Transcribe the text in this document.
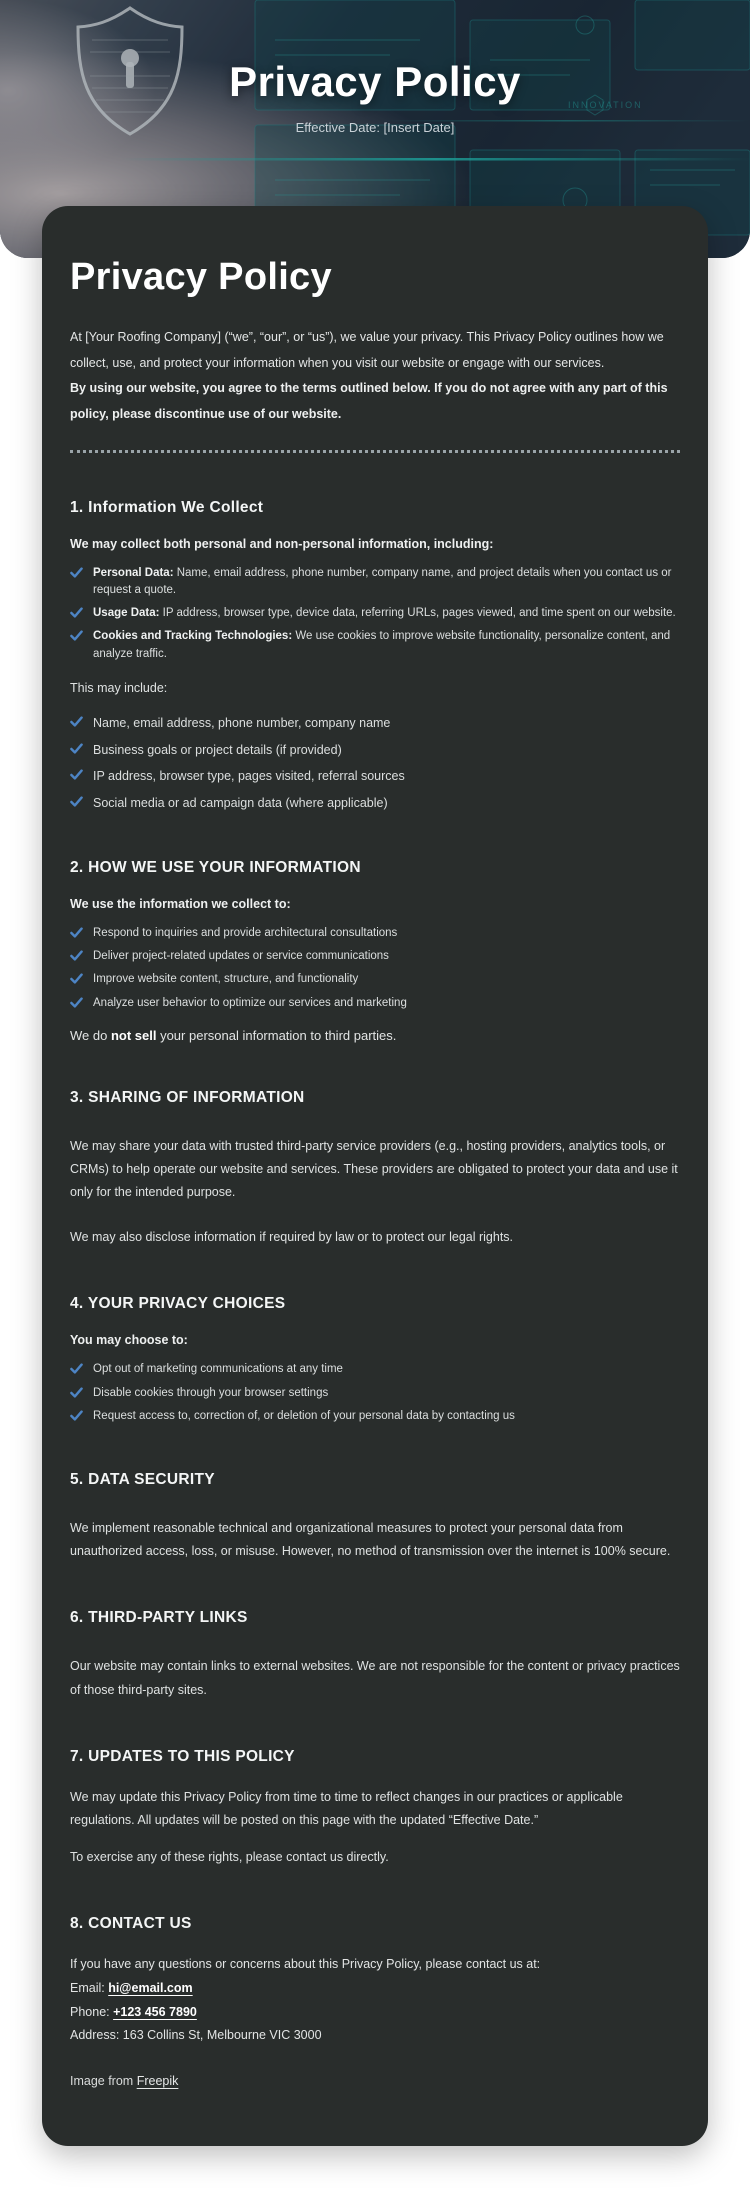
INNOVATION
Privacy Policy
Effective Date: [Insert Date]
Privacy Policy

At [Your Roofing Company] (“we”, “our”, or “us”), we value your privacy. This Privacy Policy outlines how we collect, use, and protect your information when you visit our website or engage with our services.

By using our website, you agree to the terms outlined below. If you do not agree with any part of this policy, please discontinue use of our website.

1. Information We Collect

We may collect both personal and non-personal information, including:

Personal Data: Name, email address, phone number, company name, and project details when you contact us or request a quote.
Usage Data: IP address, browser type, device data, referring URLs, pages viewed, and time spent on our website.
Cookies and Tracking Technologies: We use cookies to improve website functionality, personalize content, and analyze traffic.

This may include:

Name, email address, phone number, company name
Business goals or project details (if provided)
IP address, browser type, pages visited, referral sources
Social media or ad campaign data (where applicable)
2. HOW WE USE YOUR INFORMATION

We use the information we collect to:

Respond to inquiries and provide architectural consultations
Deliver project-related updates or service communications
Improve website content, structure, and functionality
Analyze user behavior to optimize our services and marketing

We do not sell your personal information to third parties.

3. SHARING OF INFORMATION

We may share your data with trusted third-party service providers (e.g., hosting providers, analytics tools, or CRMs) to help operate our website and services. These providers are obligated to protect your data and use it only for the intended purpose.

We may also disclose information if required by law or to protect our legal rights.

4. YOUR PRIVACY CHOICES

You may choose to:

Opt out of marketing communications at any time
Disable cookies through your browser settings
Request access to, correction of, or deletion of your personal data by contacting us
5. DATA SECURITY

We implement reasonable technical and organizational measures to protect your personal data from unauthorized access, loss, or misuse. However, no method of transmission over the internet is 100% secure.

6. THIRD-PARTY LINKS

Our website may contain links to external websites. We are not responsible for the content or privacy practices of those third-party sites.

7. UPDATES TO THIS POLICY

We may update this Privacy Policy from time to time to reflect changes in our practices or applicable regulations. All updates will be posted on this page with the updated “Effective Date.”

To exercise any of these rights, please contact us directly.

8. CONTACT US

If you have any questions or concerns about this Privacy Policy, please contact us at:

Email: hi@email.com

Phone: +123 456 7890

Address: 163 Collins St, Melbourne VIC 3000

Image from Freepik
